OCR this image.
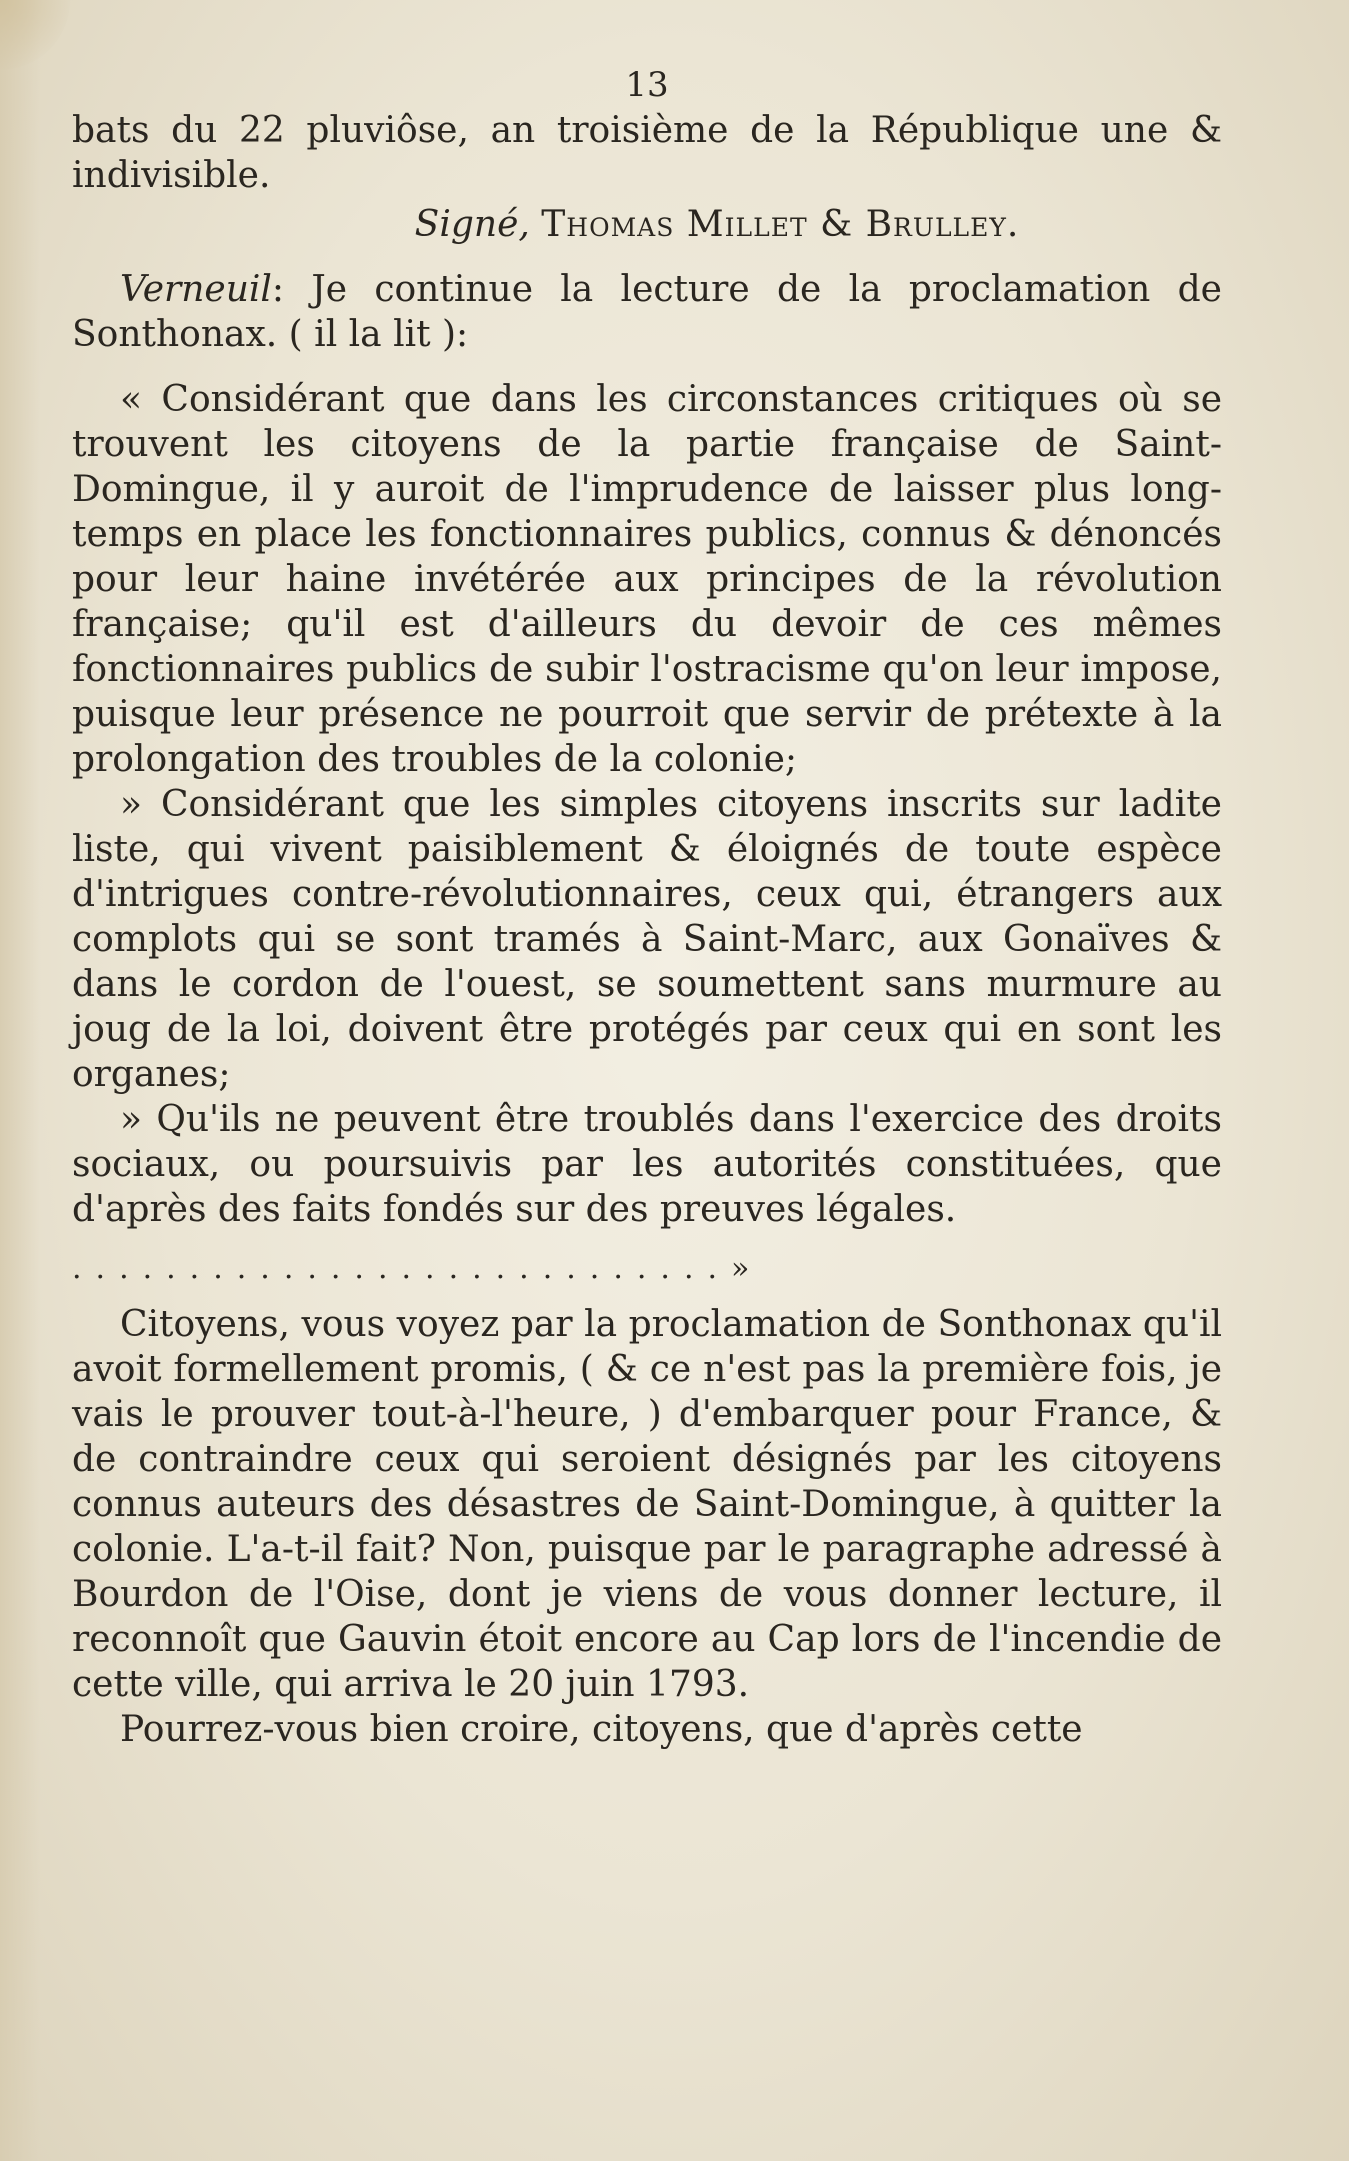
13

bats du 22 pluviôse, an troisième de la République une & indivisible.

Signé, Thomas Millet & Brulley.

Verneuil: Je continue la lecture de la proclamation de Sonthonax. ( il la lit ):

« Considérant que dans les circonstances critiques où se trouvent les citoyens de la partie française de Saint-Domingue, il y auroit de l'imprudence de laisser plus long-temps en place les fonctionnaires publics, connus & dénoncés pour leur haine invétérée aux principes de la révolution française; qu'il est d'ailleurs du devoir de ces mêmes fonctionnaires publics de subir l'ostracisme qu'on leur impose, puisque leur présence ne pourroit que servir de prétexte à la prolongation des troubles de la colonie;

» Considérant que les simples citoyens inscrits sur ladite liste, qui vivent paisiblement & éloignés de toute espèce d'intrigues contre-révolutionnaires, ceux qui, étrangers aux complots qui se sont tramés à Saint-Marc, aux Gonaïves & dans le cordon de l'ouest, se soumettent sans murmure au joug de la loi, doivent être protégés par ceux qui en sont les organes;

» Qu'ils ne peuvent être troublés dans l'exercice des droits sociaux, ou poursuivis par les autorités constituées, que d'après des faits fondés sur des preuves légales.

............................»

Citoyens, vous voyez par la proclamation de Sonthonax qu'il avoit formellement promis, ( & ce n'est pas la première fois, je vais le prouver tout-à-l'heure, ) d'embarquer pour France, & de contraindre ceux qui seroient désignés par les citoyens connus auteurs des désastres de Saint-Domingue, à quitter la colonie. L'a-t-il fait? Non, puisque par le paragraphe adressé à Bourdon de l'Oise, dont je viens de vous donner lecture, il reconnoît que Gauvin étoit encore au Cap lors de l'incendie de cette ville, qui arriva le 20 juin 1793.

Pourrez-vous bien croire, citoyens, que d'après cette
